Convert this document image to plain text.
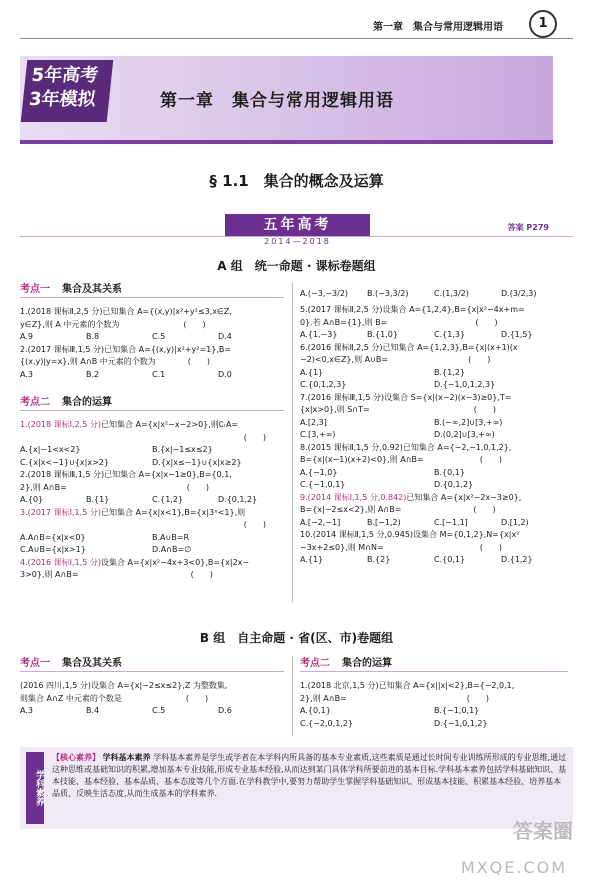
第一章　集合与常用逻辑用语	1
5年高考
3年模拟	第一章　集合与常用逻辑用语
§ 1.1　集合的概念及运算
五年高考
2014—2018
答案 P279
A 组　统一命题 · 课标卷题组
考点一 集合及其关系
1.(2018 课标Ⅱ,2,5 分)已知集合 A={(x,y)|x²+y²≤3,x∈Z,
y∈Z},则 A 中元素的个数为　　　　　　　　(　　)
A.9	B.8	C.5	D.4
2.(2017 课标Ⅲ,1,5 分)已知集合 A={(x,y)|x²+y²=1},B=
{(x,y)|y=x},则 A∩B 中元素的个数为　　　　(　　)
A.3	B.2	C.1	D.0
考点二 集合的运算
1.(2018 课标Ⅰ,2,5 分)已知集合 A={x|x²−x−2>0},则∁ᵣA=
(　　)
A.{x|−1<x<2}	B.{x|−1≤x≤2}
C.{x|x<−1}∪{x|x>2}	D.{x|x≤−1}∪{x|x≥2}
2.(2018 课标Ⅲ,1,5 分)已知集合 A={x|x−1≥0},B={0,1,
2},则 A∩B=　　　　　　　　　　　　　　　(　　)
A.{0}	B.{1}	C.{1,2}	D.{0,1,2}
3.(2017 课标Ⅰ,1,5 分)已知集合 A={x|x<1},B={x|3ˣ<1},则
(　　)
A.A∩B={x|x<0}	B.A∪B=R
C.A∪B={x|x>1}	D.A∩B=∅
4.(2016 课标Ⅰ,1,5 分)设集合 A={x|x²−4x+3<0},B={x|2x−
3>0},则 A∩B=　　　　　　　　　　　　　　(　　)
A.(−3,−3/2) B.(−3,3/2)	C.(1,3/2)	D.(3/2,3)
5.(2017 课标Ⅱ,2,5 分)设集合 A={1,2,4},B={x|x²−4x+m=
0}.若 A∩B={1},则 B=　　　　　　　　　　　(　　)
A.{1,−3}	B.{1,0}	C.{1,3}	D.{1,5}
6.(2016 课标Ⅱ,2,5 分)已知集合 A={1,2,3},B={x|(x+1)(x
−2)<0,x∈Z},则 A∪B=　　　　　　　　　　(　　)
A.{1}	B.{1,2}
C.{0,1,2,3}	D.{−1,0,1,2,3}
7.(2016 课标Ⅲ,1,5 分)设集合 S={x|(x−2)(x−3)≥0},T=
{x|x>0},则 S∩T=　　　　　　　　　　　　　(　　)
A.[2,3]	B.(−∞,2]∪[3,+∞)
C.[3,+∞)	D.(0,2]∪[3,+∞)
8.(2015 课标Ⅱ,1,5 分,0.92)已知集合 A={−2,−1,0,1,2},
B={x|(x−1)(x+2)<0},则 A∩B=　　　　　　　(　　)
A.{−1,0}	B.{0,1}
C.{−1,0,1}	D.{0,1,2}
9.(2014 课标Ⅰ,1,5 分,0.842)已知集合 A={x|x²−2x−3≥0},
B={x|−2≤x<2},则 A∩B=　　　　　　　　　(　　)
A.[−2,−1]	B.[−1,2)	C.[−1,1]	D.[1,2)
10.(2014 课标Ⅱ,1,5 分,0.945)设集合 M={0,1,2},N={x|x²
−3x+2≤0},则 M∩N=　　　　　　　　　　　　(　　)
A.{1}	B.{2}	C.{0,1}	D.{1,2}
B 组　自主命题 · 省(区、市)卷题组
考点一 集合及其关系
(2016 四川,1,5 分)设集合 A={x|−2≤x≤2},Z 为整数集,
则集合 A∩Z 中元素的个数是　　　　　　　　(　　)
A.3	B.4	C.5	D.6
考点二 集合的运算
1.(2018 北京,1,5 分)已知集合 A={x||x|<2},B={−2,0,1,
2},则 A∩B=　　　　　　　　　　　　　　　(　　)
A.{0,1}	B.{−1,0,1}
C.{−2,0,1,2}	D.{−1,0,1,2}
学科素养
【核心素养】 学科基本素养 学科基本素养是学生或学者在本学科内所具备的基本专业素质,这些素质是通过长时间专业训练所形成的专业思维,通过这种思维或基础知识的积累,增加基本专业技能,形成专业基本经验,从而达到某门具体学科所要前进的基本目标.学科基本素养包括学科基础知识、基本技能、基本经验、基本品质、基本态度等几个方面.在学科教学中,要努力帮助学生掌握学科基础知识、形成基本技能、积累基本经验、培养基本品质、反映生活态度,从而生成基本的学科素养.
答案圈
MXQE.COM
